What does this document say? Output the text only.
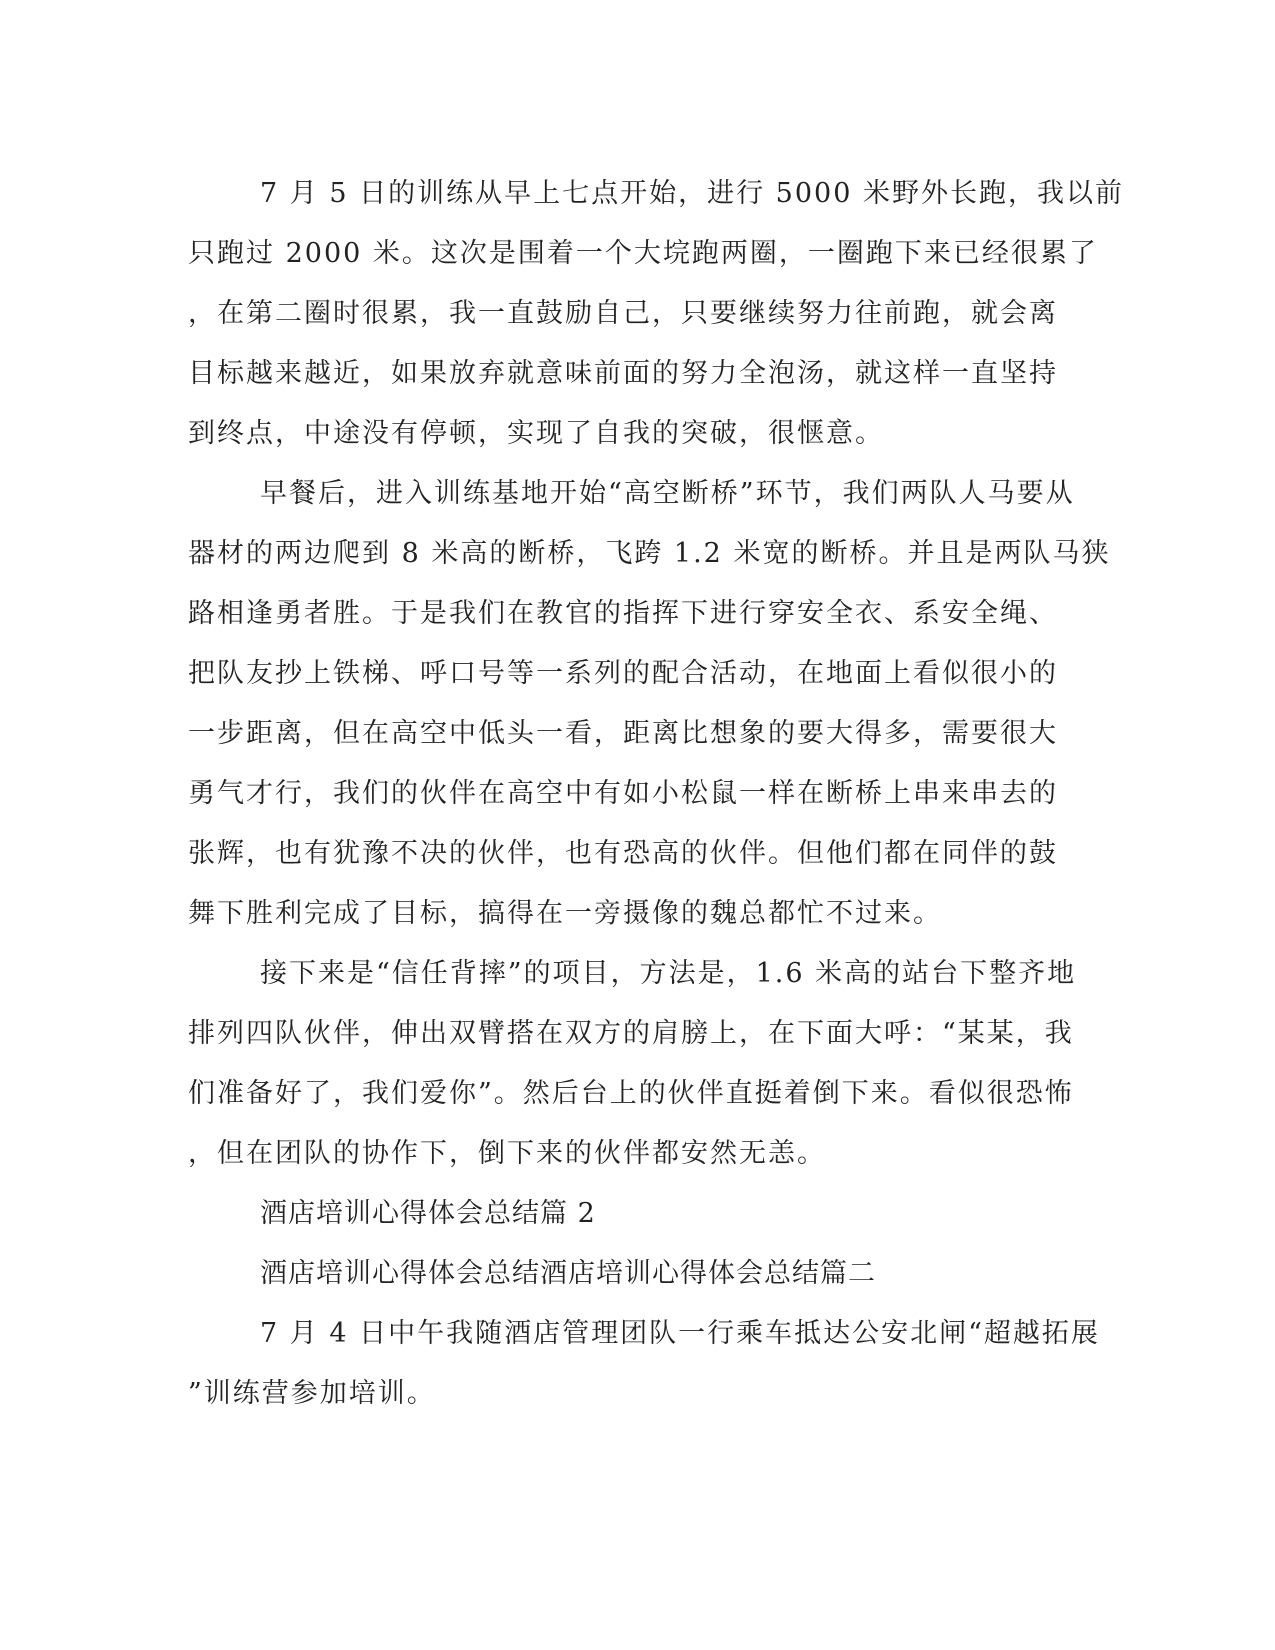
7 月 5 日的训练从早上七点开始，进行 5000 米野外长跑，我以前
只跑过 2000 米。这次是围着一个大垸跑两圈，一圈跑下来已经很累了
，在第二圈时很累，我一直鼓励自己，只要继续努力往前跑，就会离
目标越来越近，如果放弃就意味前面的努力全泡汤，就这样一直坚持
到终点，中途没有停顿，实现了自我的突破，很惬意。

早餐后，进入训练基地开始“高空断桥”环节，我们两队人马要从
器材的两边爬到 8 米高的断桥，飞跨 1.2 米宽的断桥。并且是两队马狭
路相逢勇者胜。于是我们在教官的指挥下进行穿安全衣、系安全绳、
把队友抄上铁梯、呼口号等一系列的配合活动，在地面上看似很小的
一步距离，但在高空中低头一看，距离比想象的要大得多，需要很大
勇气才行，我们的伙伴在高空中有如小松鼠一样在断桥上串来串去的
张辉，也有犹豫不决的伙伴，也有恐高的伙伴。但他们都在同伴的鼓
舞下胜利完成了目标，搞得在一旁摄像的魏总都忙不过来。

接下来是“信任背摔”的项目，方法是，1.6 米高的站台下整齐地
排列四队伙伴，伸出双臂搭在双方的肩膀上，在下面大呼：“某某，我
们准备好了，我们爱你”。然后台上的伙伴直挺着倒下来。看似很恐怖
，但在团队的协作下，倒下来的伙伴都安然无恙。

酒店培训心得体会总结篇 2

酒店培训心得体会总结酒店培训心得体会总结篇二

7 月 4 日中午我随酒店管理团队一行乘车抵达公安北闸“超越拓展
”训练营参加培训。
